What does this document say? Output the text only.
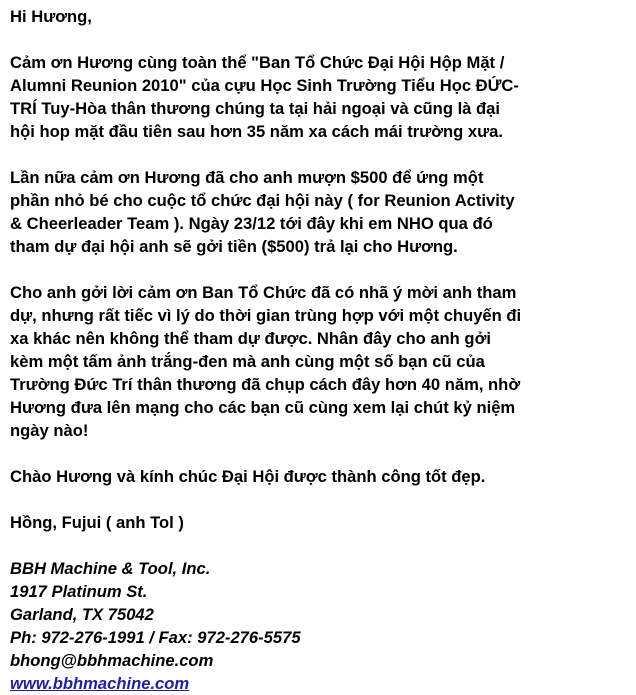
Hi Hương,

Cảm ơn Hương cùng toàn thể "Ban Tổ Chức Đại Hội Hộp Mặt /
Alumni Reunion 2010" của cựu Học Sinh Trường Tiểu Học ĐỨC-
TRÍ Tuy-Hòa thân thương chúng ta tại hải ngoại và cũng là đại
hội hop mặt đầu tiên sau hơn 35 năm xa cách mái trường xưa.

Lần nữa cảm ơn Hương đã cho anh mượn $500 để ứng một
phần nhỏ bé cho cuộc tổ chức đại hội này ( for Reunion Activity
& Cheerleader Team ). Ngày 23/12 tới đây khi em NHO qua đó
tham dự đại hội anh sẽ gởi tiền ($500) trả lại cho Hương.

Cho anh gởi lời cảm ơn Ban Tổ Chức đã có nhã ý mời anh tham
dự, nhưng rất tiếc vì lý do thời gian trùng hợp với một chuyến đi
xa khác nên không thể tham dự được. Nhân đây cho anh gởi
kèm một tấm ảnh trắng-đen mà anh cùng một số bạn cũ của
Trường Đức Trí thân thương đã chụp cách đây hơn 40 năm, nhờ
Hương đưa lên mạng cho các bạn cũ cùng xem lại chút kỷ niệm
ngày nào!

Chào Hương và kính chúc Đại Hội được thành công tốt đẹp.

Hồng, Fujui ( anh Tol )

BBH Machine & Tool, Inc.
1917 Platinum St.
Garland, TX 75042
Ph: 972-276-1991 / Fax: 972-276-5575
bhong@bbhmachine.com
www.bbhmachine.com
